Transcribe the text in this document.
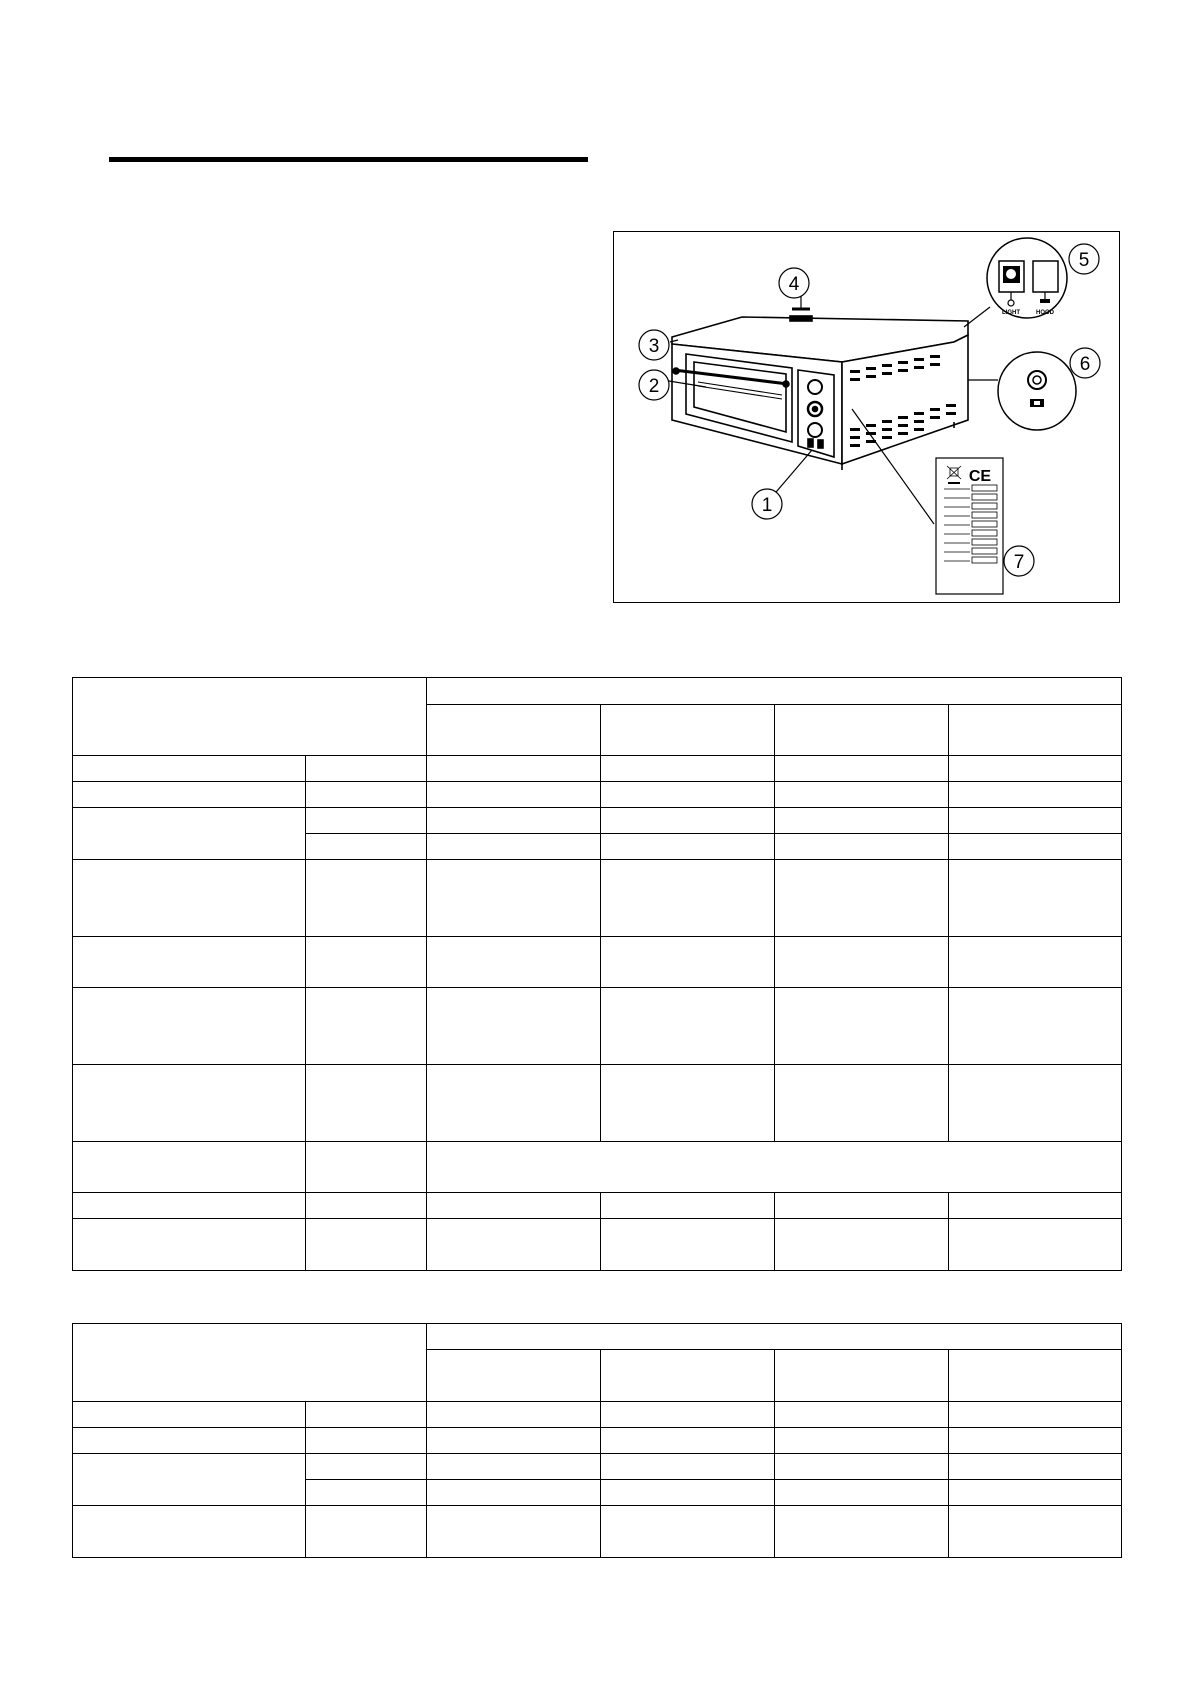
4
3
2
1
LIGHT	HOOD
5
6
CE
7
